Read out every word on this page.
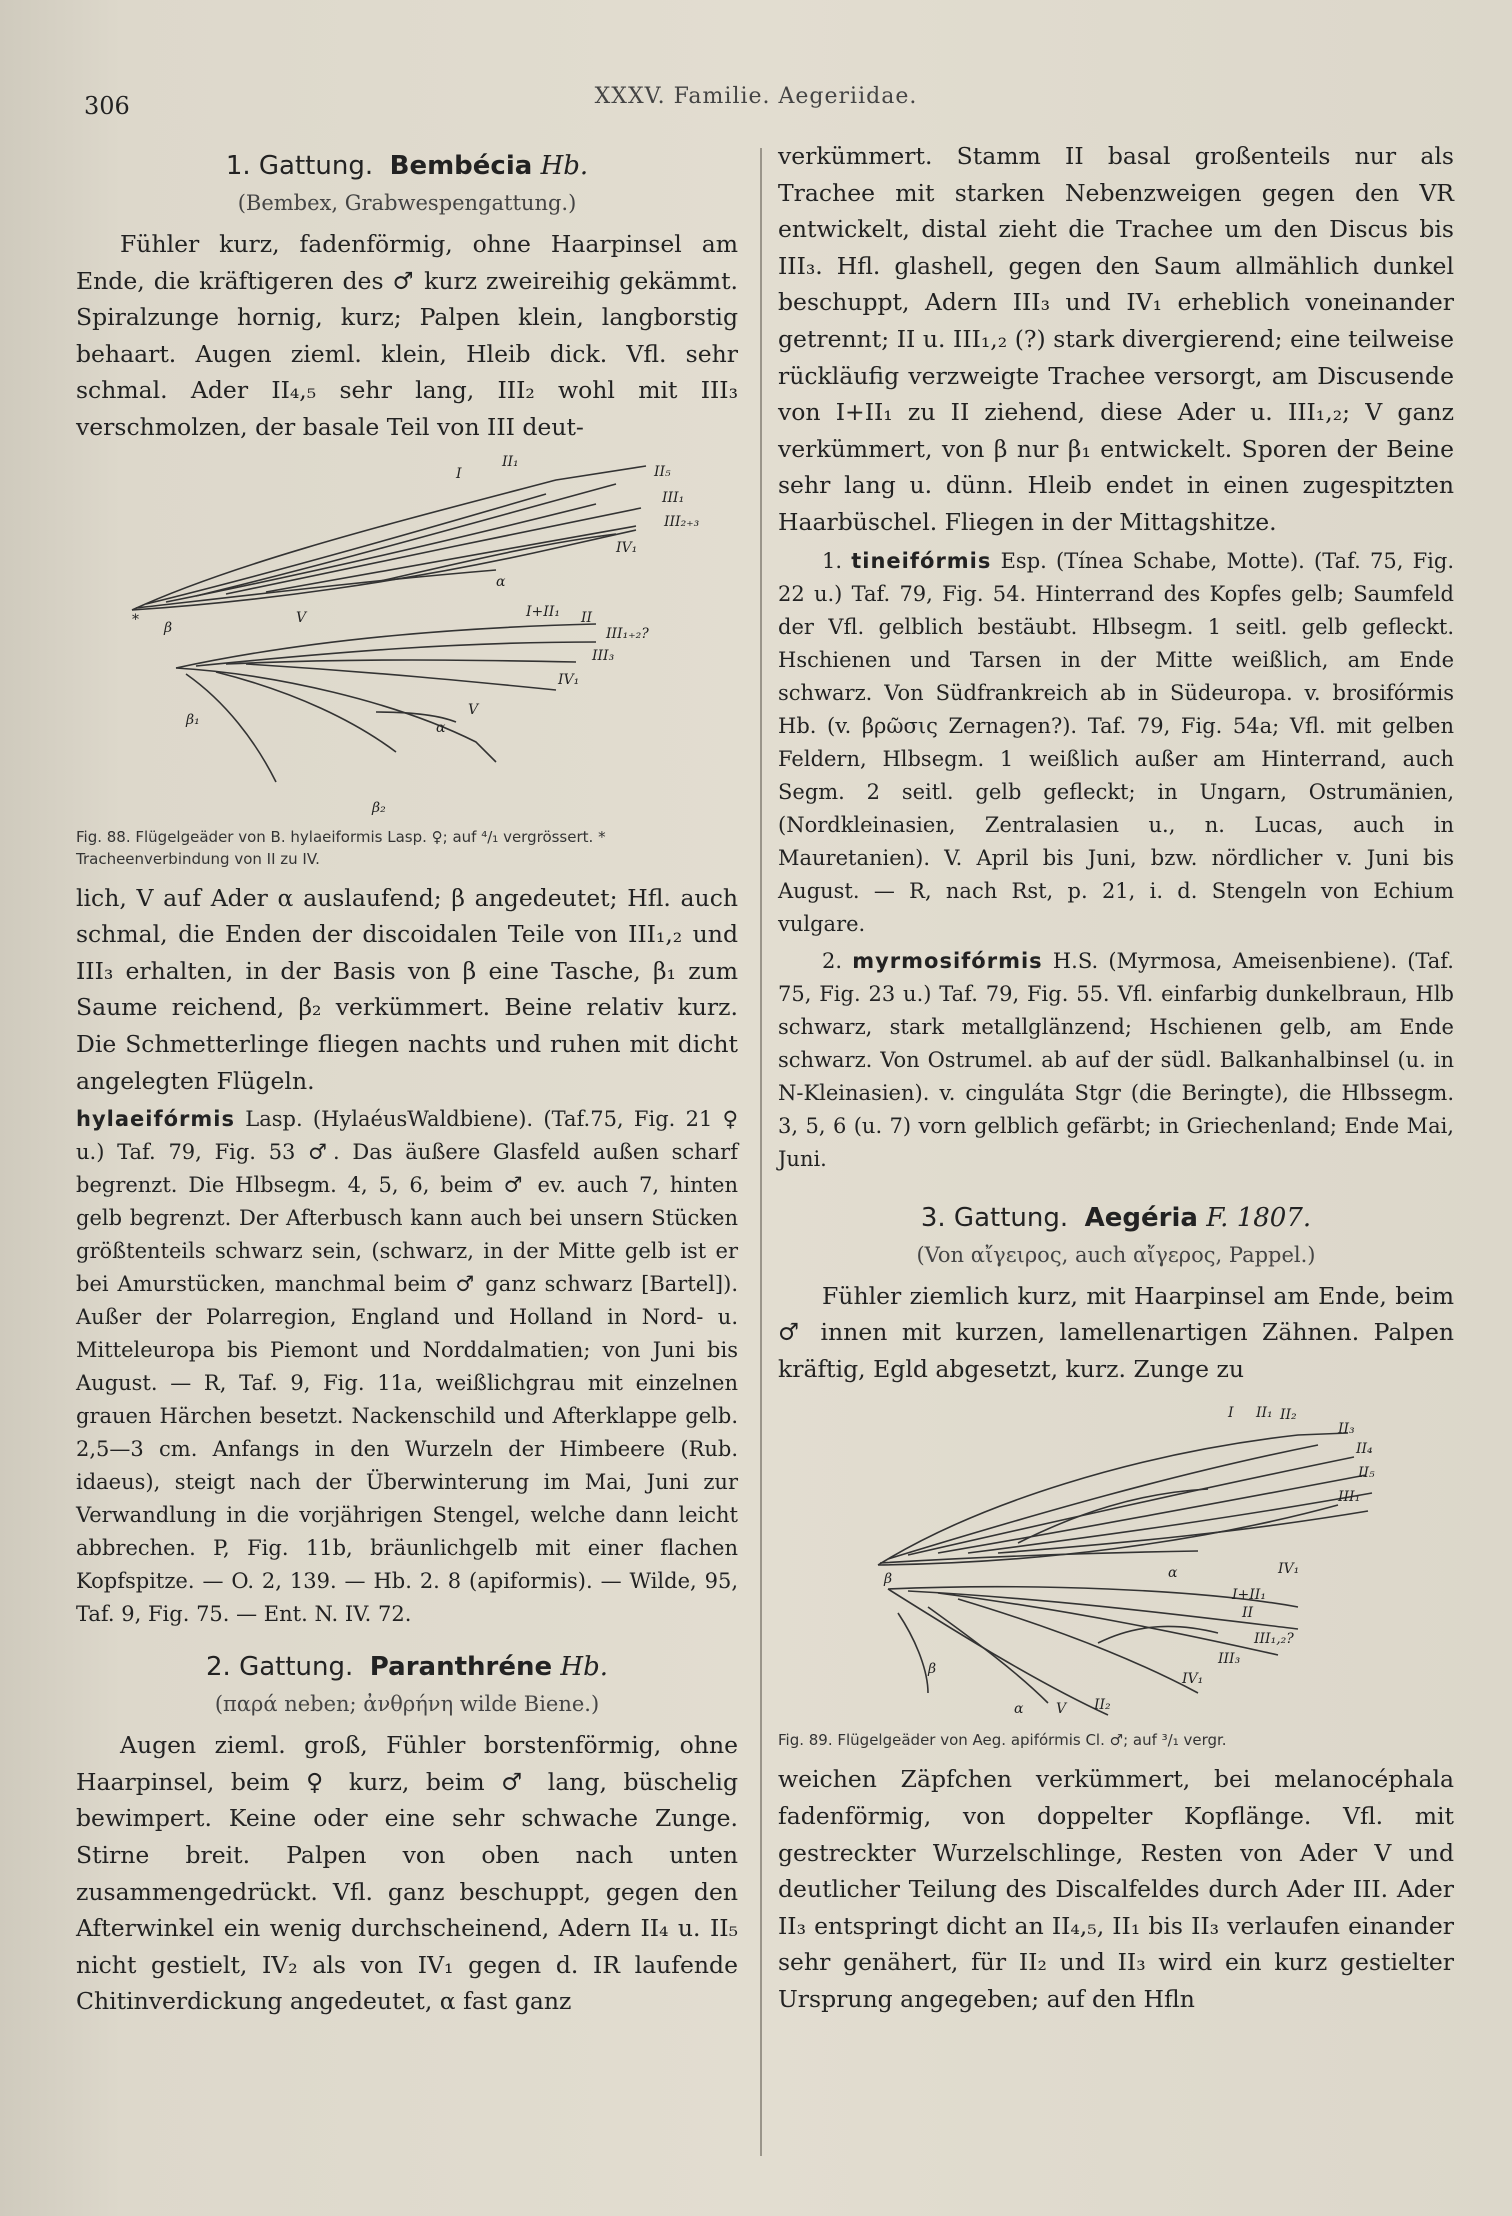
306	XXXV. Familie. Aegeriidae.
1. Gattung. Bembécia Hb.
(Bembex, Grabwespengattung.)

Fühler kurz, fadenförmig, ohne Haarpinsel am Ende, die kräftigeren des ♂ kurz zweireihig gekämmt. Spiralzunge hornig, kurz; Palpen klein, langborstig behaart. Augen zieml. klein, Hleib dick. Vfl. sehr schmal. Ader II₄,₅ sehr lang, III₂ wohl mit III₃ verschmolzen, der basale Teil von III deut-

II₁
I	II₅
III₁
III₂₊₃
IV₁
α
V
β
I+II₁ II
III₁₊₂?
III₃
IV₁
β₁	α
V
β₂
*
Fig. 88. Flügelgeäder von B. hylaeiformis Lasp. ♀; auf ⁴/₁ vergrössert. * Tracheenverbindung von II zu IV.

lich, V auf Ader α auslaufend; β angedeutet; Hfl. auch schmal, die Enden der discoidalen Teile von III₁,₂ und III₃ erhalten, in der Basis von β eine Tasche, β₁ zum Saume reichend, β₂ verkümmert. Beine relativ kurz. Die Schmetterlinge fliegen nachts und ruhen mit dicht angelegten Flügeln.

hylaeifórmis Lasp. (HylaéusWaldbiene). (Taf.75, Fig. 21 ♀ u.) Taf. 79, Fig. 53 ♂. Das äußere Glasfeld außen scharf begrenzt. Die Hlbsegm. 4, 5, 6, beim ♂ ev. auch 7, hinten gelb begrenzt. Der Afterbusch kann auch bei unsern Stücken größtenteils schwarz sein, (schwarz, in der Mitte gelb ist er bei Amurstücken, manchmal beim ♂ ganz schwarz [Bartel]). Außer der Polarregion, England und Holland in Nord- u. Mitteleuropa bis Piemont und Norddalmatien; von Juni bis August. — R, Taf. 9, Fig. 11a, weißlichgrau mit einzelnen grauen Härchen besetzt. Nackenschild und Afterklappe gelb. 2,5—3 cm. Anfangs in den Wurzeln der Himbeere (Rub. idaeus), steigt nach der Überwinterung im Mai, Juni zur Verwandlung in die vorjährigen Stengel, welche dann leicht abbrechen. P, Fig. 11b, bräunlichgelb mit einer flachen Kopfspitze. — O. 2, 139. — Hb. 2. 8 (apiformis). — Wilde, 95, Taf. 9, Fig. 75. — Ent. N. IV. 72.

2. Gattung. Paranthréne Hb.
(παρά neben; ἀνθρήνη wilde Biene.)

Augen zieml. groß, Fühler borstenförmig, ohne Haarpinsel, beim ♀ kurz, beim ♂ lang, büschelig bewimpert. Keine oder eine sehr schwache Zunge. Stirne breit. Palpen von oben nach unten zusammengedrückt. Vfl. ganz beschuppt, gegen den Afterwinkel ein wenig durchscheinend, Adern II₄ u. II₅ nicht gestielt, IV₂ als von IV₁ gegen d. IR laufende Chitinverdickung angedeutet, α fast ganz

verkümmert. Stamm II basal großenteils nur als Trachee mit starken Nebenzweigen gegen den VR entwickelt, distal zieht die Trachee um den Discus bis III₃. Hfl. glashell, gegen den Saum allmählich dunkel beschuppt, Adern III₃ und IV₁ erheblich voneinander getrennt; II u. III₁,₂ (?) stark divergierend; eine teilweise rückläufig verzweigte Trachee versorgt, am Discusende von I+II₁ zu II ziehend, diese Ader u. III₁,₂; V ganz verkümmert, von β nur β₁ entwickelt. Sporen der Beine sehr lang u. dünn. Hleib endet in einen zugespitzten Haarbüschel. Fliegen in der Mittagshitze.

1. tineifórmis Esp. (Tínea Schabe, Motte). (Taf. 75, Fig. 22 u.) Taf. 79, Fig. 54. Hinterrand des Kopfes gelb; Saumfeld der Vfl. gelblich bestäubt. Hlbsegm. 1 seitl. gelb gefleckt. Hschienen und Tarsen in der Mitte weißlich, am Ende schwarz. Von Südfrankreich ab in Südeuropa. v. brosifórmis Hb. (v. βρῶσις Zernagen?). Taf. 79, Fig. 54a; Vfl. mit gelben Feldern, Hlbsegm. 1 weißlich außer am Hinterrand, auch Segm. 2 seitl. gelb gefleckt; in Ungarn, Ostrumänien, (Nordkleinasien, Zentralasien u., n. Lucas, auch in Mauretanien). V. April bis Juni, bzw. nördlicher v. Juni bis August. — R, nach Rst, p. 21, i. d. Stengeln von Echium vulgare.

2. myrmosifórmis H.S. (Myrmosa, Ameisenbiene). (Taf. 75, Fig. 23 u.) Taf. 79, Fig. 55. Vfl. einfarbig dunkelbraun, Hlb schwarz, stark metallglänzend; Hschienen gelb, am Ende schwarz. Von Ostrumel. ab auf der südl. Balkanhalbinsel (u. in N-Kleinasien). v. cinguláta Stgr (die Beringte), die Hlbssegm. 3, 5, 6 (u. 7) vorn gelblich gefärbt; in Griechenland; Ende Mai, Juni.

3. Gattung. Aegéria F. 1807.
(Von αἴγειρος, auch αἴγερος, Pappel.)

Fühler ziemlich kurz, mit Haarpinsel am Ende, beim ♂ innen mit kurzen, lamellenartigen Zähnen. Palpen kräftig, Egld abgesetzt, kurz. Zunge zu

I II₁ II₂
II₃
II₄
II₅
III₁
β	α	IV₁
I+II₁
II
III₁,₂?
III₃
IV₁
β
α V II₂
Fig. 89. Flügelgeäder von Aeg. apifórmis Cl. ♂; auf ³/₁ vergr.

weichen Zäpfchen verkümmert, bei melanocéphala fadenförmig, von doppelter Kopflänge. Vfl. mit gestreckter Wurzelschlinge, Resten von Ader V und deutlicher Teilung des Discalfeldes durch Ader III. Ader II₃ entspringt dicht an II₄,₅, II₁ bis II₃ verlaufen einander sehr genähert, für II₂ und II₃ wird ein kurz gestielter Ursprung angegeben; auf den Hfln
